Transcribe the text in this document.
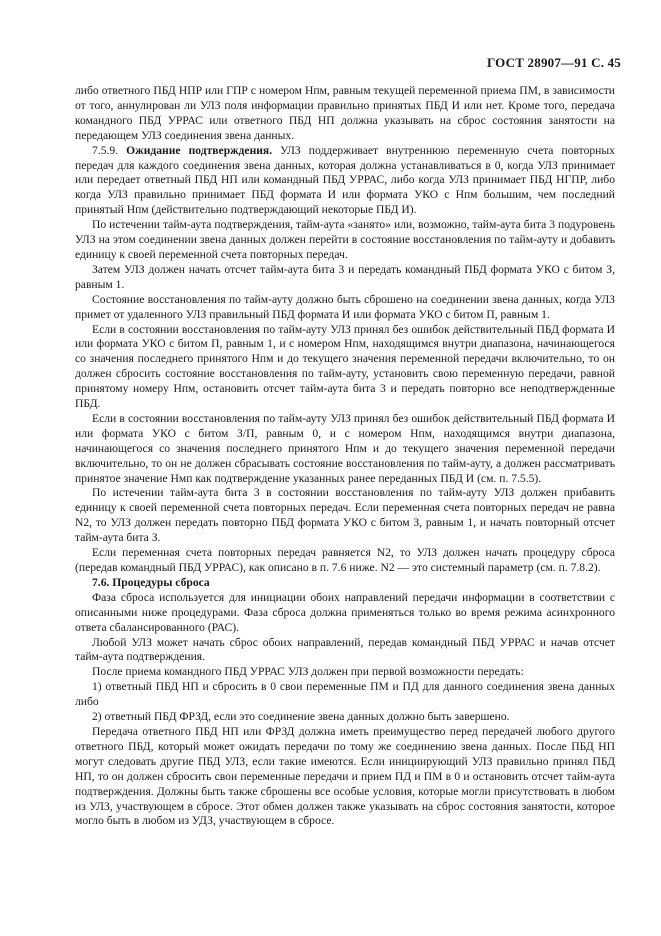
ГОСТ 28907—91 С. 45

либо ответного ПБД НПР или ГПР с номером Нпм, равным текущей переменной приема ПМ, в зависимости от того, аннулирован ли УЛЗ поля информации правильно принятых ПБД И или нет. Кроме того, передача командного ПБД УРРАС или ответного ПБД НП должна указывать на сброс состояния занятости на передающем УЛЗ соединения звена данных.

7.5.9. Ожидание подтверждения. УЛЗ поддерживает внутреннюю переменную счета повторных передач для каждого соединения звена данных, которая должна устанавливаться в 0, когда УЛЗ принимает или передает ответный ПБД НП или командный ПБД УРРАС, либо когда УЛЗ принимает ПБД НГПР, либо когда УЛЗ правильно принимает ПБД формата И или формата УКО с Нпм большим, чем последний принятый Нпм (действительно подтверждающий некоторые ПБД И).

По истечении тайм-аута подтверждения, тайм-аута «занято» или, возможно, тайм-аута бита 3 подуровень УЛЗ на этом соединении звена данных должен перейти в состояние восстановления по тайм-ауту и добавить единицу к своей переменной счета повторных передач.

Затем УЛЗ должен начать отсчет тайм-аута бита 3 и передать командный ПБД формата УКО с битом З, равным 1.

Состояние восстановления по тайм-ауту должно быть сброшено на соединении звена данных, когда УЛЗ примет от удаленного УЛЗ правильный ПБД формата И или формата УКО с битом П, равным 1.

Если в состоянии восстановления по тайм-ауту УЛЗ принял без ошибок действительный ПБД формата И или формата УКО с битом П, равным 1, и с номером Нпм, находящимся внутри диапазона, начинающегося со значения последнего принятого Нпм и до текущего значения переменной передачи включительно, то он должен сбросить состояние восстановления по тайм-ауту, установить свою переменную передачи, равной принятому номеру Нпм, остановить отсчет тайм-аута бита 3 и передать повторно все неподтвержденные ПБД.

Если в состоянии восстановления по тайм-ауту УЛЗ принял без ошибок действительный ПБД формата И или формата УКО с битом З/П, равным 0, и с номером Нпм, находящимся внутри диапазона, начинающегося со значения последнего принятого Нпм и до текущего значения переменной передачи включительно, то он не должен сбрасывать состояние восстановления по тайм-ауту, а должен рассматривать принятое значение Нмп как подтверждение указанных ранее переданных ПБД И (см. п. 7.5.5).

По истечении тайм-аута бита 3 в состоянии восстановления по тайм-ауту УЛЗ должен прибавить единицу к своей переменной счета повторных передач. Если переменная счета повторных передач не равна N2, то УЛЗ должен передать повторно ПБД формата УКО с битом З, равным 1, и начать повторный отсчет тайм-аута бита З.

Если переменная счета повторных передач равняется N2, то УЛЗ должен начать процедуру сброса (передав командный ПБД УРРАС), как описано в п. 7.6 ниже. N2 — это системный параметр (см. п. 7.8.2).

7.6. Процедуры сброса

Фаза сброса используется для инициации обоих направлений передачи информации в соответствии с описанными ниже процедурами. Фаза сброса должна применяться только во время режима асинхронного ответа сбалансированного (РАС).

Любой УЛЗ может начать сброс обоих направлений, передав командный ПБД УРРАС и начав отсчет тайм-аута подтверждения.

После приема командного ПБД УРРАС УЛЗ должен при первой возможности передать:

1) ответный ПБД НП и сбросить в 0 свои переменные ПМ и ПД для данного соединения звена данных либо

2) ответный ПБД ФРЗД, если это соединение звена данных должно быть завершено.

Передача ответного ПБД НП или ФРЗД должна иметь преимущество перед передачей любого другого ответного ПБД, который может ожидать передачи по тому же соединению звена данных. После ПБД НП могут следовать другие ПБД УЛЗ, если такие имеются. Если инициирующий УЛЗ правильно принял ПБД НП, то он должен сбросить свои переменные передачи и прием ПД и ПМ в 0 и остановить отсчет тайм-аута подтверждения. Должны быть также сброшены все особые условия, которые могли присутствовать в любом из УЛЗ, участвующем в сбросе. Этот обмен должен также указывать на сброс состояния занятости, которое могло быть в любом из УДЗ, участвующем в сбросе.
